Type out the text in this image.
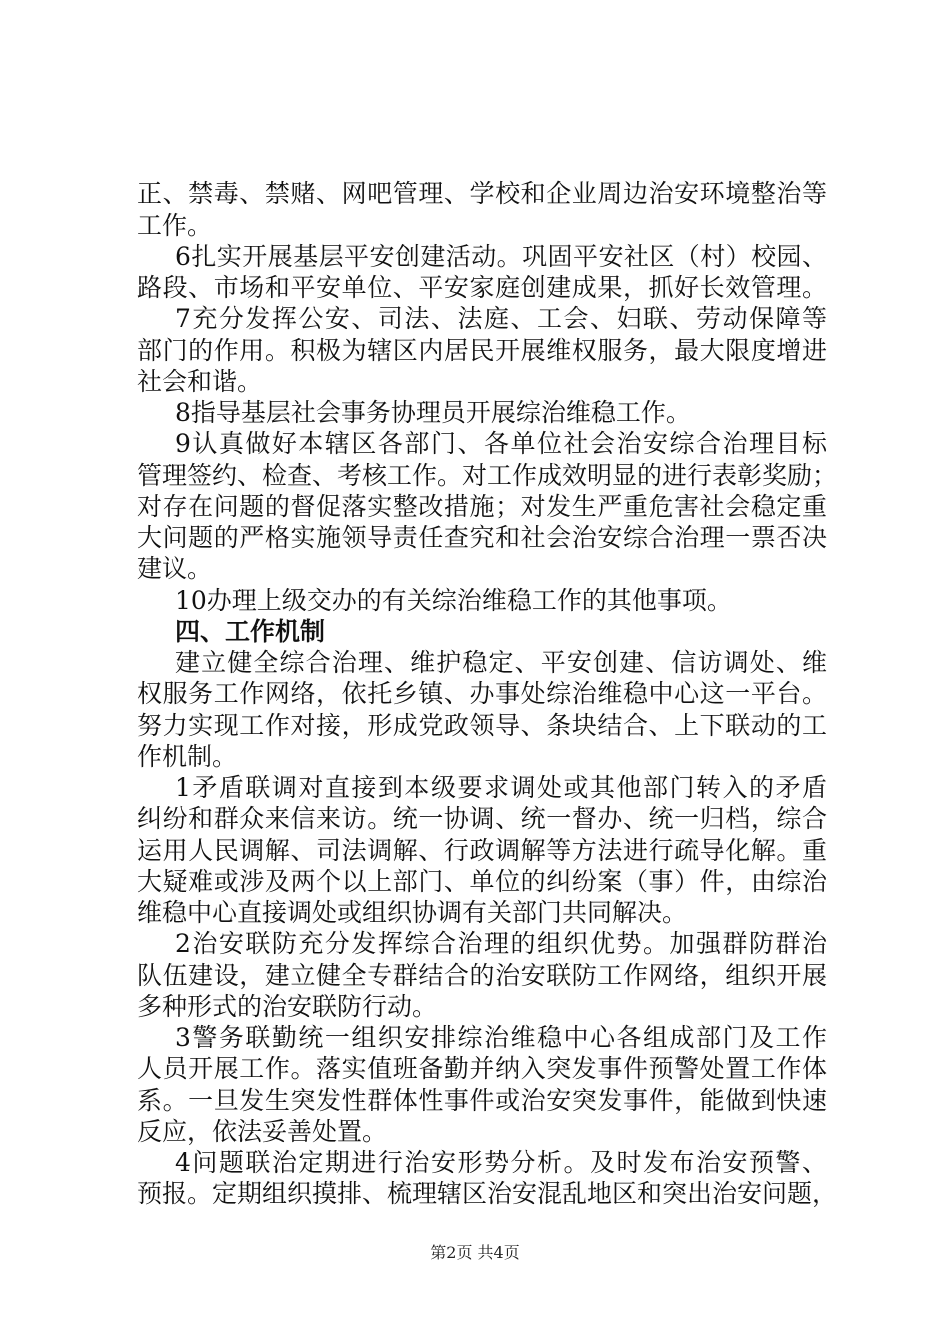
正、禁毒、禁赌、网吧管理、学校和企业周边治安环境整治等
工作。
6扎实开展基层平安创建活动。巩固平安社区（村）校园、
路段、市场和平安单位、平安家庭创建成果，抓好长效管理。
7充分发挥公安、司法、法庭、工会、妇联、劳动保障等
部门的作用。积极为辖区内居民开展维权服务，最大限度增进
社会和谐。
8指导基层社会事务协理员开展综治维稳工作。
9认真做好本辖区各部门、各单位社会治安综合治理目标
管理签约、检查、考核工作。对工作成效明显的进行表彰奖励；
对存在问题的督促落实整改措施；对发生严重危害社会稳定重
大问题的严格实施领导责任查究和社会治安综合治理一票否决
建议。
10办理上级交办的有关综治维稳工作的其他事项。
四、工作机制
建立健全综合治理、维护稳定、平安创建、信访调处、维
权服务工作网络，依托乡镇、办事处综治维稳中心这一平台。
努力实现工作对接，形成党政领导、条块结合、上下联动的工
作机制。
1矛盾联调对直接到本级要求调处或其他部门转入的矛盾
纠纷和群众来信来访。统一协调、统一督办、统一归档，综合
运用人民调解、司法调解、行政调解等方法进行疏导化解。重
大疑难或涉及两个以上部门、单位的纠纷案（事）件，由综治
维稳中心直接调处或组织协调有关部门共同解决。
2治安联防充分发挥综合治理的组织优势。加强群防群治
队伍建设，建立健全专群结合的治安联防工作网络，组织开展
多种形式的治安联防行动。
3警务联勤统一组织安排综治维稳中心各组成部门及工作
人员开展工作。落实值班备勤并纳入突发事件预警处置工作体
系。一旦发生突发性群体性事件或治安突发事件，能做到快速
反应，依法妥善处置。
4问题联治定期进行治安形势分析。及时发布治安预警、
预报。定期组织摸排、梳理辖区治安混乱地区和突出治安问题，
第2页 共4页
